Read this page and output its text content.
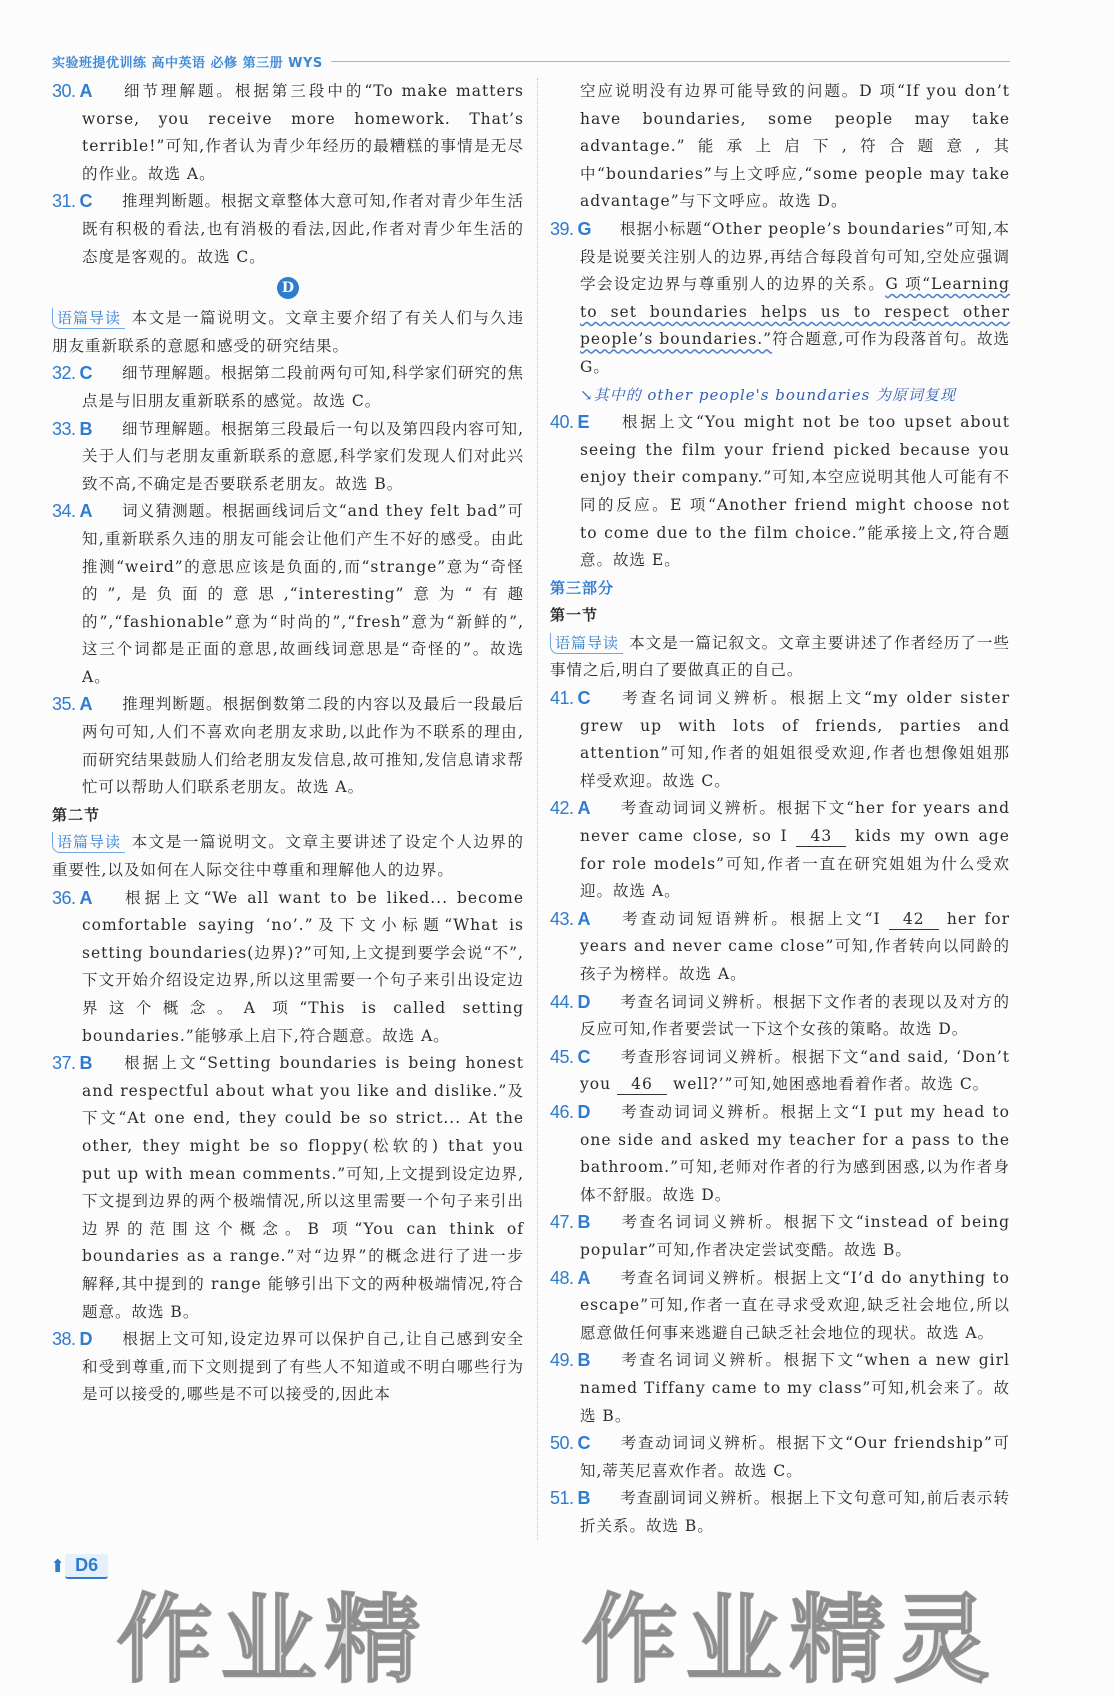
实验班提优训练 高中英语 必修 第三册 WYS
30. A 细节理解题。根据第三段中的“To make matters worse, you receive more homework. That’s terrible!”可知,作者认为青少年经历的最糟糕的事情是无尽的作业。故选 A。
31. C 推理判断题。根据文章整体大意可知,作者对青少年生活既有积极的看法,也有消极的看法,因此,作者对青少年生活的态度是客观的。故选 C。
D
语篇导读 本文是一篇说明文。文章主要介绍了有关人们与久违朋友重新联系的意愿和感受的研究结果。
32. C 细节理解题。根据第二段前两句可知,科学家们研究的焦点是与旧朋友重新联系的感觉。故选 C。
33. B 细节理解题。根据第三段最后一句以及第四段内容可知,关于人们与老朋友重新联系的意愿,科学家们发现人们对此兴致不高,不确定是否要联系老朋友。故选 B。
34. A 词义猜测题。根据画线词后文“and they felt bad”可知,重新联系久违的朋友可能会让他们产生不好的感受。由此推测“weird”的意思应该是负面的,而“strange”意为“奇怪的”,是负面的意思,“interesting”意为“有趣的”,“fashionable”意为“时尚的”,“fresh”意为“新鲜的”,这三个词都是正面的意思,故画线词意思是“奇怪的”。故选 A。
35. A 推理判断题。根据倒数第二段的内容以及最后一段最后两句可知,人们不喜欢向老朋友求助,以此作为不联系的理由,而研究结果鼓励人们给老朋友发信息,故可推知,发信息请求帮忙可以帮助人们联系老朋友。故选 A。
第二节
语篇导读 本文是一篇说明文。文章主要讲述了设定个人边界的重要性,以及如何在人际交往中尊重和理解他人的边界。
36. A 根据上文“We all want to be liked... become comfortable saying ‘no’.”及下文小标题“What is setting boundaries(边界)?”可知,上文提到要学会说“不”,下文开始介绍设定边界,所以这里需要一个句子来引出设定边界这个概念。A 项“This is called setting boundaries.”能够承上启下,符合题意。故选 A。
37. B 根据上文“Setting boundaries is being honest and respectful about what you like and dislike.”及下文“At one end, they could be so strict... At the other, they might be so floppy(松软的) that you put up with mean comments.”可知,上文提到设定边界,下文提到边界的两个极端情况,所以这里需要一个句子来引出边界的范围这个概念。B 项“You can think of boundaries as a range.”对“边界”的概念进行了进一步解释,其中提到的 range 能够引出下文的两种极端情况,符合题意。故选 B。
38. D 根据上文可知,设定边界可以保护自己,让自己感到安全和受到尊重,而下文则提到了有些人不知道或不明白哪些行为是可以接受的,哪些是不可以接受的,因此本
空应说明没有边界可能导致的问题。D 项“If you don’t have boundaries, some people may take advantage.”能承上启下,符合题意,其中“boundaries”与上文呼应,“some people may take advantage”与下文呼应。故选 D。
39. G 根据小标题“Other people’s boundaries”可知,本段是说要关注别人的边界,再结合每段首句可知,空处应强调学会设定边界与尊重别人的边界的关系。G 项“Learning to set boundaries helps us to respect other people’s boundaries.”符合题意,可作为段落首句。故选 G。
↘其中的 other people's boundaries 为原词复现
40. E 根据上文“You might not be too upset about seeing the film your friend picked because you enjoy their company.”可知,本空应说明其他人可能有不同的反应。E 项“Another friend might choose not to come due to the film choice.”能承接上文,符合题意。故选 E。
第三部分
第一节
语篇导读 本文是一篇记叙文。文章主要讲述了作者经历了一些事情之后,明白了要做真正的自己。
41. C 考查名词词义辨析。根据上文“my older sister grew up with lots of friends, parties and attention”可知,作者的姐姐很受欢迎,作者也想像姐姐那样受欢迎。故选 C。
42. A 考查动词词义辨析。根据下文“her for years and never came close, so I 43 kids my own age for role models”可知,作者一直在研究姐姐为什么受欢迎。故选 A。
43. A 考查动词短语辨析。根据上文“I 42 her for years and never came close”可知,作者转向以同龄的孩子为榜样。故选 A。
44. D 考查名词词义辨析。根据下文作者的表现以及对方的反应可知,作者要尝试一下这个女孩的策略。故选 D。
45. C 考查形容词词义辨析。根据下文“and said, ‘Don’t you 46 well?’”可知,她困惑地看着作者。故选 C。
46. D 考查动词词义辨析。根据上文“I put my head to one side and asked my teacher for a pass to the bathroom.”可知,老师对作者的行为感到困惑,以为作者身体不舒服。故选 D。
47. B 考查名词词义辨析。根据下文“instead of being popular”可知,作者决定尝试变酷。故选 B。
48. A 考查名词词义辨析。根据上文“I’d do anything to escape”可知,作者一直在寻求受欢迎,缺乏社会地位,所以愿意做任何事来逃避自己缺乏社会地位的现状。故选 A。
49. B 考查名词词义辨析。根据下文“when a new girl named Tiffany came to my class”可知,机会来了。故选 B。
50. C 考查动词词义辨析。根据下文“Our friendship”可知,蒂芙尼喜欢作者。故选 C。
51. B 考查副词词义辨析。根据上下文句意可知,前后表示转折关系。故选 B。
⬆ D6
作业精 作业精灵
